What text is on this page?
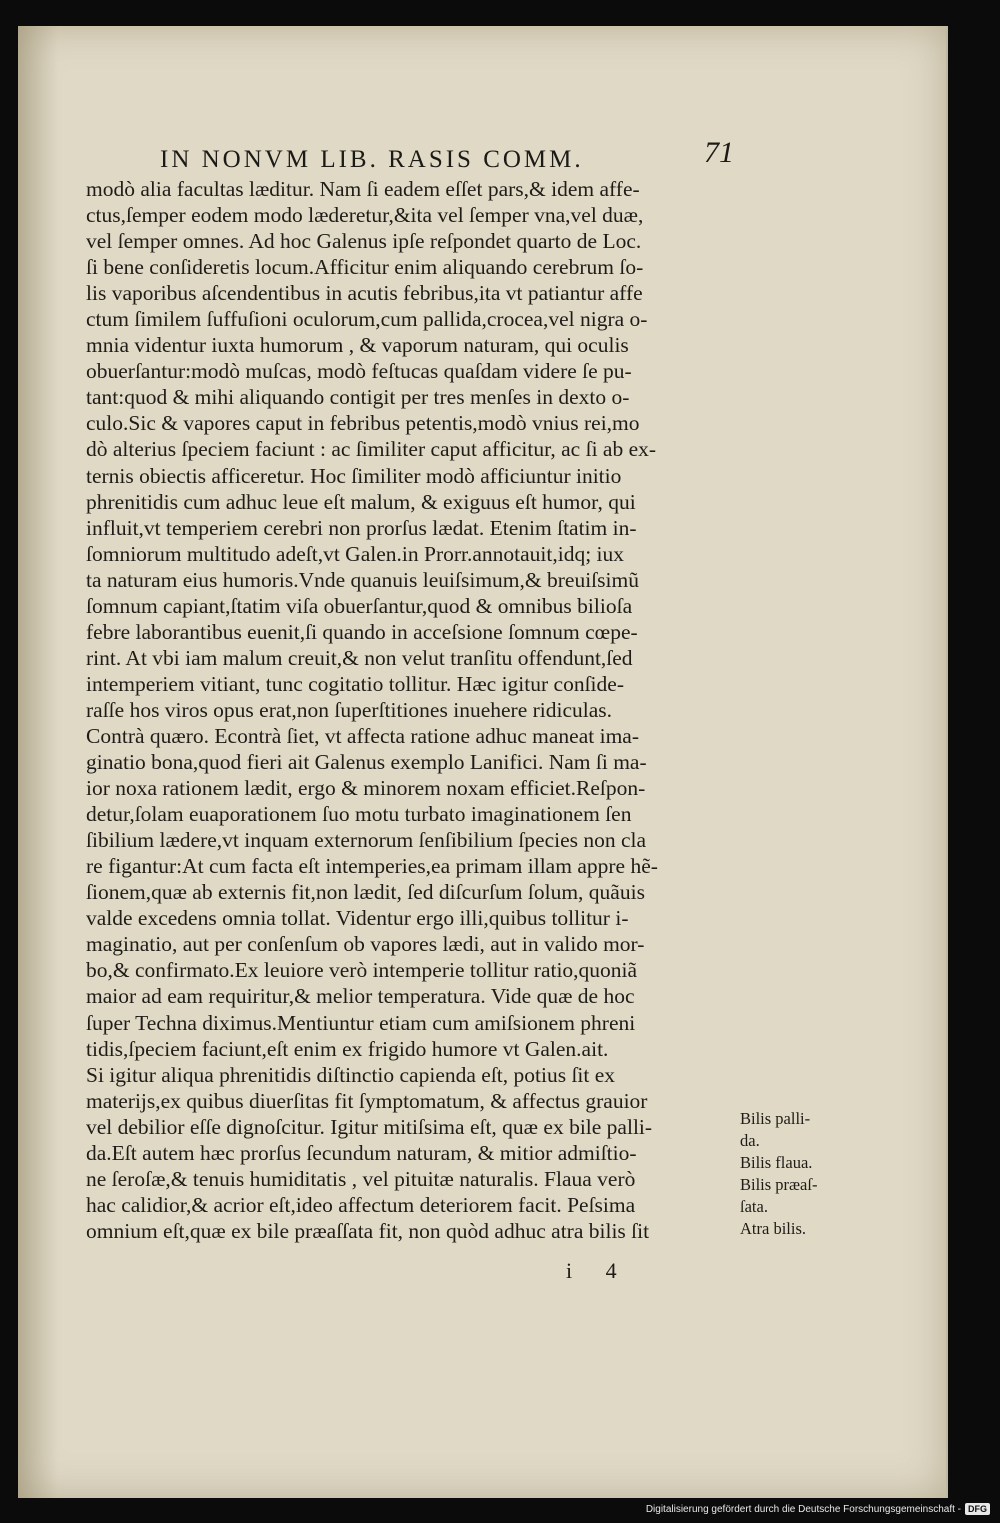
IN NONVM LIB. RASIS COMM.	71
modò alia facultas læditur. Nam ſi eadem eſſet pars,& idem affe-
ctus,ſemper eodem modo læderetur,&ita vel ſemper vna,vel duæ,
vel ſemper omnes. Ad hoc Galenus ipſe reſpondet quarto de Loc.
ſi bene conſideretis locum.Afficitur enim aliquando cerebrum ſo-
lis vaporibus aſcendentibus in acutis febribus,ita vt patiantur affe
ctum ſimilem ſuffuſioni oculorum,cum pallida,crocea,vel nigra o-
mnia videntur iuxta humorum , & vaporum naturam, qui oculis
obuerſantur:modò muſcas, modò feſtucas quaſdam videre ſe pu-
tant:quod & mihi aliquando contigit per tres menſes in dexto o-
culo.Sic & vapores caput in febribus petentis,modò vnius rei,mo
dò alterius ſpeciem faciunt : ac ſimiliter caput afficitur, ac ſi ab ex-
ternis obiectis afficeretur. Hoc ſimiliter modò afficiuntur initio
phrenitidis cum adhuc leue eſt malum, & exiguus eſt humor, qui
influit,vt temperiem cerebri non prorſus lædat. Etenim ſtatim in-
ſomniorum multitudo adeſt,vt Galen.in Prorr.annotauit,idq; iux
ta naturam eius humoris.Vnde quanuis leuiſsimum,& breuiſsimũ
ſomnum capiant,ſtatim viſa obuerſantur,quod & omnibus bilioſa
febre laborantibus euenit,ſi quando in acceſsione ſomnum cœpe-
rint. At vbi iam malum creuit,& non velut tranſitu offendunt,ſed
intemperiem vitiant, tunc cogitatio tollitur. Hæc igitur conſide-
raſſe hos viros opus erat,non ſuperſtitiones inuehere ridiculas.
Contrà quæro. Econtrà ſiet, vt affecta ratione adhuc maneat ima-
ginatio bona,quod fieri ait Galenus exemplo Lanifici. Nam ſi ma-
ior noxa rationem lædit, ergo & minorem noxam efficiet.Reſpon-
detur,ſolam euaporationem ſuo motu turbato imaginationem ſen
ſibilium lædere,vt inquam externorum ſenſibilium ſpecies non cla
re figantur:At cum facta eſt intemperies,ea primam illam appre hẽ-
ſionem,quæ ab externis fit,non lædit, ſed diſcurſum ſolum, quãuis
valde excedens omnia tollat. Videntur ergo illi,quibus tollitur i-
maginatio, aut per conſenſum ob vapores lædi, aut in valido mor-
bo,& confirmato.Ex leuiore verò intemperie tollitur ratio,quoniã
maior ad eam requiritur,& melior temperatura. Vide quæ de hoc
ſuper Techna diximus.Mentiuntur etiam cum amiſsionem phreni
tidis,ſpeciem faciunt,eſt enim ex frigido humore vt Galen.ait.
Si igitur aliqua phrenitidis diſtinctio capienda eſt, potius ſit ex
materijs,ex quibus diuerſitas fit ſymptomatum, & affectus grauior
vel debilior eſſe dignoſcitur. Igitur mitiſsima eſt, quæ ex bile palli-
da.Eſt autem hæc prorſus ſecundum naturam, & mitior admiſtio-
ne ſeroſæ,& tenuis humiditatis , vel pituitæ naturalis. Flaua verò
hac calidior,& acrior eſt,ideo affectum deteriorem facit. Peſsima
omnium eſt,quæ ex bile præaſſata fit, non quòd adhuc atra bilis ſit
Bilis palli-
da.
Bilis flaua.
Bilis præaſ-
ſata.
Atra bilis.
i 4
Digitalisierung gefördert durch die Deutsche Forschungsgemeinschaft - DFG
